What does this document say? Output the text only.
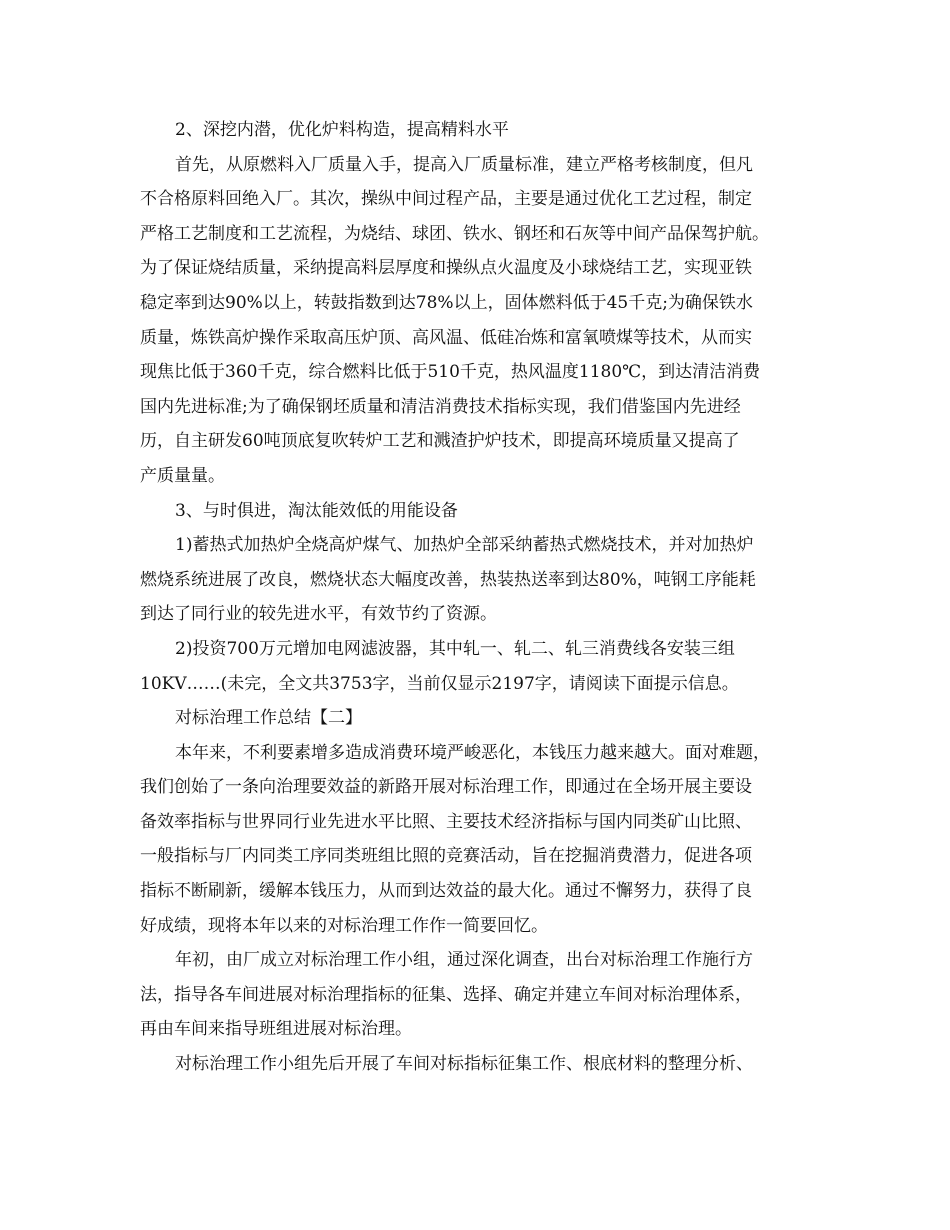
2、深挖内潜，优化炉料构造，提高精料水平
首先，从原燃料入厂质量入手，提高入厂质量标准，建立严格考核制度，但凡
不合格原料回绝入厂。其次，操纵中间过程产品，主要是通过优化工艺过程，制定
严格工艺制度和工艺流程，为烧结、球团、铁水、钢坯和石灰等中间产品保驾护航。
为了保证烧结质量，采纳提高料层厚度和操纵点火温度及小球烧结工艺，实现亚铁
稳定率到达90%以上，转鼓指数到达78%以上，固体燃料低于45千克;为确保铁水
质量，炼铁高炉操作采取高压炉顶、高风温、低硅冶炼和富氧喷煤等技术，从而实
现焦比低于360千克，综合燃料比低于510千克，热风温度1180℃，到达清洁消费
国内先进标准;为了确保钢坯质量和清洁消费技术指标实现，我们借鉴国内先进经
历，自主研发60吨顶底复吹转炉工艺和溅渣护炉技术，即提高环境质量又提高了
产质量量。
3、与时俱进，淘汰能效低的用能设备
1)蓄热式加热炉全烧高炉煤气、加热炉全部采纳蓄热式燃烧技术，并对加热炉
燃烧系统进展了改良，燃烧状态大幅度改善，热装热送率到达80%，吨钢工序能耗
到达了同行业的较先进水平，有效节约了资源。
2)投资700万元增加电网滤波器，其中轧一、轧二、轧三消费线各安装三组
10KV……(未完，全文共3753字，当前仅显示2197字，请阅读下面提示信息。
对标治理工作总结【二】
本年来，不利要素增多造成消费环境严峻恶化，本钱压力越来越大。面对难题，
我们创始了一条向治理要效益的新路开展对标治理工作，即通过在全场开展主要设
备效率指标与世界同行业先进水平比照、主要技术经济指标与国内同类矿山比照、
一般指标与厂内同类工序同类班组比照的竞赛活动，旨在挖掘消费潜力，促进各项
指标不断刷新，缓解本钱压力，从而到达效益的最大化。通过不懈努力，获得了良
好成绩，现将本年以来的对标治理工作作一简要回忆。
年初，由厂成立对标治理工作小组，通过深化调查，出台对标治理工作施行方
法，指导各车间进展对标治理指标的征集、选择、确定并建立车间对标治理体系，
再由车间来指导班组进展对标治理。
对标治理工作小组先后开展了车间对标指标征集工作、根底材料的整理分析、
